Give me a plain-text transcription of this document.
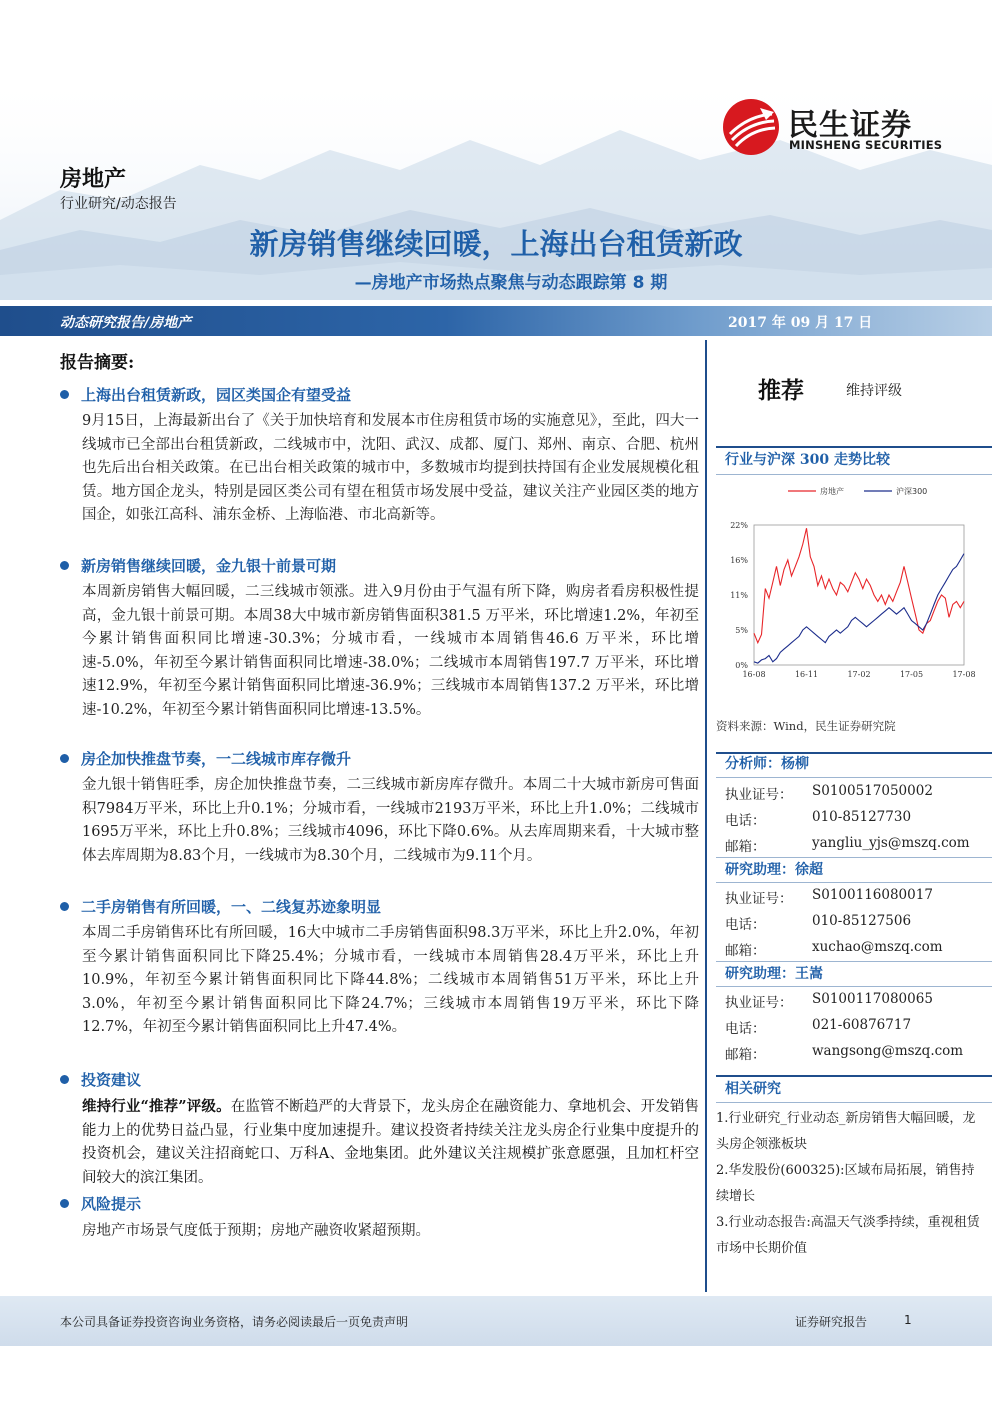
民生证券
MINSHENG SECURITIES
房地产
行业研究/动态报告
新房销售继续回暖，上海出台租赁新政
—房地产市场热点聚焦与动态跟踪第 8 期
动态研究报告/房地产	2017 年 09 月 17 日
报告摘要:
上海出台租赁新政，园区类国企有望受益
9月15日，上海最新出台了《关于加快培育和发展本市住房租赁市场的实施意见》，至此，四大一线城市已全部出台租赁新政，二线城市中，沈阳、武汉、成都、厦门、郑州、南京、合肥、杭州也先后出台相关政策。在已出台相关政策的城市中，多数城市均提到扶持国有企业发展规模化租赁。地方国企龙头，特别是园区类公司有望在租赁市场发展中受益，建议关注产业园区类的地方国企，如张江高科、浦东金桥、上海临港、市北高新等。
新房销售继续回暖，金九银十前景可期
本周新房销售大幅回暖，二三线城市领涨。进入9月份由于气温有所下降，购房者看房积极性提高，金九银十前景可期。本周38大中城市新房销售面积381.5 万平米，环比增速1.2%，年初至今累计销售面积同比增速-30.3%；分城市看，一线城市本周销售46.6 万平米，环比增速-5.0%，年初至今累计销售面积同比增速-38.0%；二线城市本周销售197.7 万平米，环比增速12.9%，年初至今累计销售面积同比增速-36.9%；三线城市本周销售137.2 万平米，环比增速-10.2%，年初至今累计销售面积同比增速-13.5%。
房企加快推盘节奏，一二线城市库存微升
金九银十销售旺季，房企加快推盘节奏，二三线城市新房库存微升。本周二十大城市新房可售面积7984万平米，环比上升0.1%；分城市看，一线城市2193万平米，环比上升1.0%；二线城市1695万平米，环比上升0.8%；三线城市4096，环比下降0.6%。从去库周期来看，十大城市整体去库周期为8.83个月，一线城市为8.30个月，二线城市为9.11个月。
二手房销售有所回暖，一、二线复苏迹象明显
本周二手房销售环比有所回暖，16大中城市二手房销售面积98.3万平米，环比上升2.0%，年初至今累计销售面积同比下降25.4%；分城市看，一线城市本周销售28.4万平米，环比上升10.9%，年初至今累计销售面积同比下降44.8%；二线城市本周销售51万平米，环比上升3.0%，年初至今累计销售面积同比下降24.7%；三线城市本周销售19万平米，环比下降12.7%，年初至今累计销售面积同比上升47.4%。
投资建议
维持行业“推荐”评级。在监管不断趋严的大背景下，龙头房企在融资能力、拿地机会、开发销售能力上的优势日益凸显，行业集中度加速提升。建议投资者持续关注龙头房企行业集中度提升的投资机会，建议关注招商蛇口、万科A、金地集团。此外建议关注规模扩张意愿强，且加杠杆空间较大的滨江集团。
风险提示
房地产市场景气度低于预期；房地产融资收紧超预期。
推荐	维持评级
行业与沪深 300 走势比较
0%
5%
11%
16%
22%
16-08	16-11	17-02	17-05	17-08
房地产	沪深300
资料来源：Wind，民生证券研究院
分析师：杨柳
执业证号： S0100517050002
电话：	010-85127730
邮箱：	yangliu_yjs@mszq.com
研究助理：徐超
执业证号： S0100116080017
电话：	010-85127506
邮箱：	xuchao@mszq.com
研究助理：王嵩
执业证号： S0100117080065
电话：	021-60876717
邮箱：	wangsong@mszq.com
相关研究
1.行业研究_行业动态_新房销售大幅回暖，龙头房企领涨板块
2.华发股份(600325):区域布局拓展，销售持续增长
3.行业动态报告:高温天气淡季持续，重视租赁市场中长期价值
本公司具备证券投资咨询业务资格，请务必阅读最后一页免责声明	证券研究报告	1
